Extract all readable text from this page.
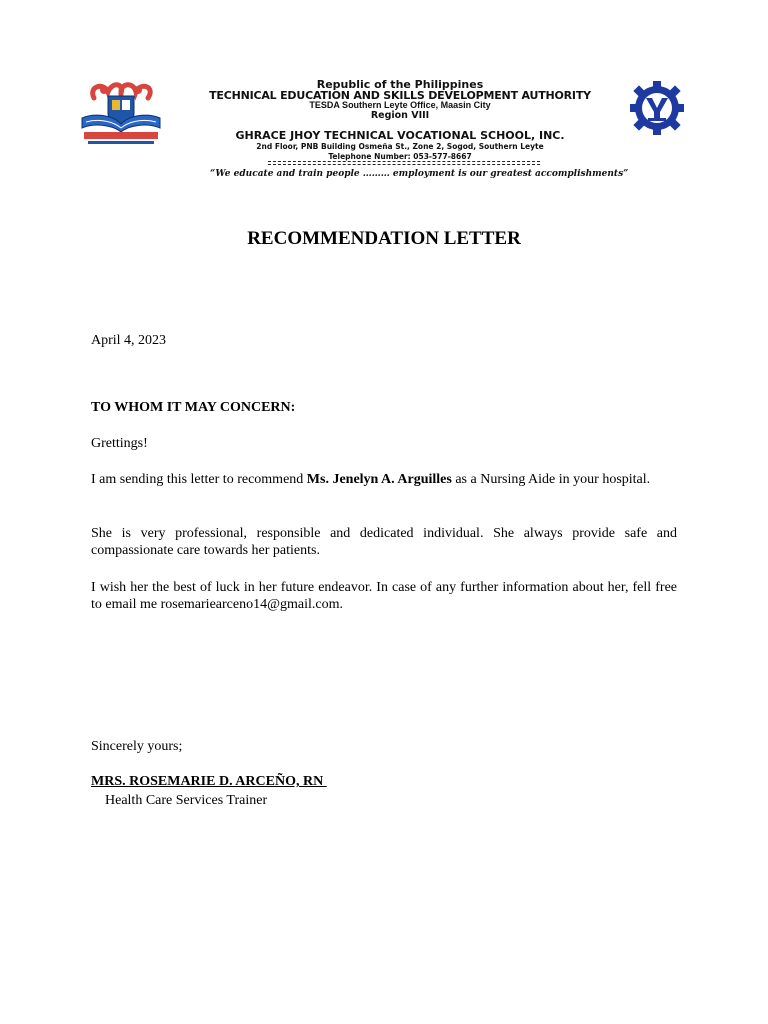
Republic of the Philippines
TECHNICAL EDUCATION AND SKILLS DEVELOPMENT AUTHORITY
TESDA Southern Leyte Office, Maasin City
Region VIII
GHRACE JHOY TECHNICAL VOCATIONAL SCHOOL, INC.
2nd Floor, PNB Building Osmeña St., Zone 2, Sogod, Southern Leyte
Telephone Number: 053-577-8667
“We educate and train people ……… employment is our greatest accomplishments”
RECOMMENDATION LETTER
April 4, 2023
TO WHOM IT MAY CONCERN:
Grettings!
I am sending this letter to recommend Ms. Jenelyn A. Arguilles as a Nursing Aide in your hospital.
She is very professional, responsible and dedicated individual. She always provide safe and compassionate care towards her patients.
I wish her the best of luck in her future endeavor. In case of any further information about her, fell free to email me rosemariearceno14@gmail.com.
Sincerely yours;
MRS. ROSEMARIE D. ARCEÑO, RN
Health Care Services Trainer
